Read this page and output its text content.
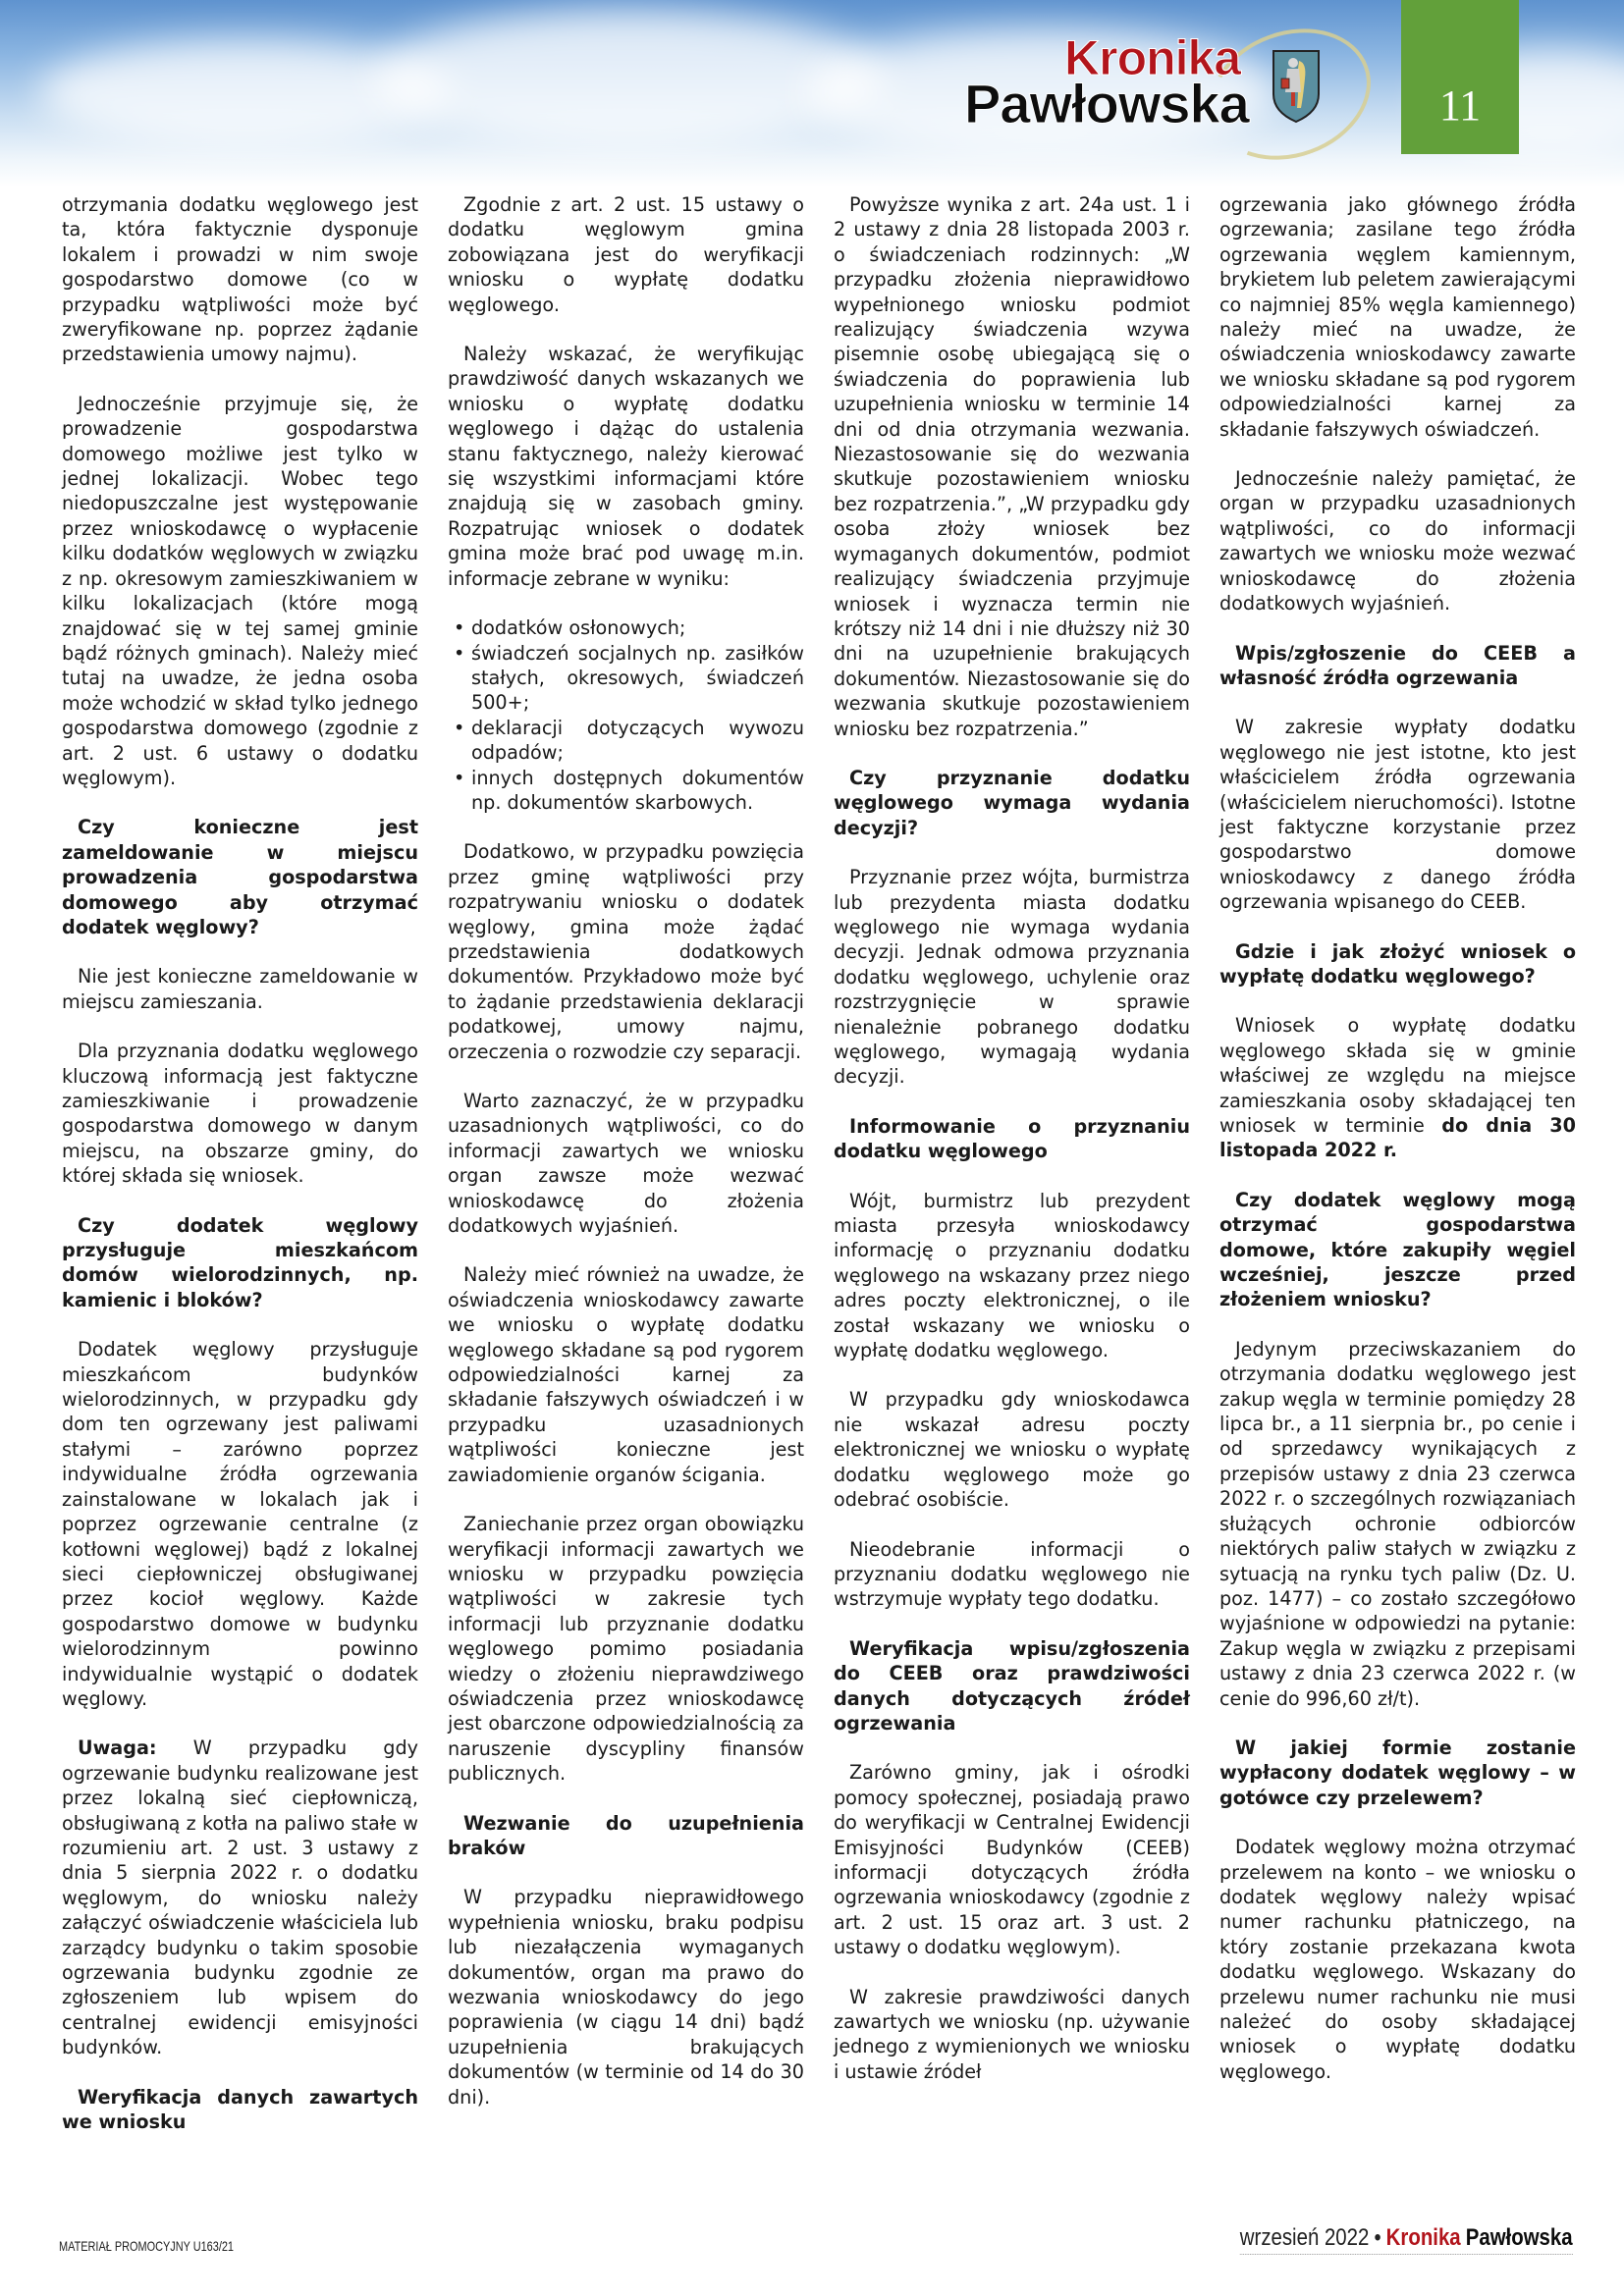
Kronika
Pawłowska	11

otrzymania dodatku węglowego jest ta, która faktycznie dysponuje lokalem i prowadzi w nim swoje gospodarstwo domowe (co w przypadku wątpliwości może być zweryfikowane np. poprzez żądanie przedstawienia umowy najmu).

Jednocześnie przyjmuje się, że prowadzenie gospodarstwa domowego możliwe jest tylko w jednej lokalizacji. Wobec tego niedopuszczalne jest występowanie przez wnioskodawcę o wypłacenie kilku dodatków węglowych w związku z np. okresowym zamieszkiwaniem w kilku lokalizacjach (które mogą znajdować się w tej samej gminie bądź różnych gminach). Należy mieć tutaj na uwadze, że jedna osoba może wchodzić w skład tylko jednego gospodarstwa domowego (zgodnie z art. 2 ust. 6 ustawy o dodatku węglowym).

Czy konieczne jest zameldowanie w miejscu prowadzenia gospodarstwa domowego aby otrzymać dodatek węglowy?

Nie jest konieczne zameldowanie w miejscu zamieszania.

Dla przyznania dodatku węglowego kluczową informacją jest faktyczne zamieszkiwanie i prowadzenie gospodarstwa domowego w danym miejscu, na obszarze gminy, do której składa się wniosek.

Czy dodatek węglowy przysługuje mieszkańcom domów wielorodzinnych, np. kamienic i bloków?

Dodatek węglowy przysługuje mieszkańcom budynków wielorodzinnych, w przypadku gdy dom ten ogrzewany jest paliwami stałymi – zarówno poprzez indywidualne źródła ogrzewania zainstalowane w lokalach jak i poprzez ogrzewanie centralne (z kotłowni węglowej) bądź z lokalnej sieci ciepłowniczej obsługiwanej przez kocioł węglowy. Każde gospodarstwo domowe w budynku wielorodzinnym powinno indywidualnie wystąpić o dodatek węglowy.

Uwaga: W przypadku gdy ogrzewanie budynku realizowane jest przez lokalną sieć ciepłowniczą, obsługiwaną z kotła na paliwo stałe w rozumieniu art. 2 ust. 3 ustawy z dnia 5 sierpnia 2022 r. o dodatku węglowym, do wniosku należy załączyć oświadczenie właściciela lub zarządcy budynku o takim sposobie ogrzewania budynku zgodnie ze zgłoszeniem lub wpisem do centralnej ewidencji emisyjności budynków.

Weryfikacja danych zawartych we wniosku

Zgodnie z art. 2 ust. 15 ustawy o dodatku węglowym gmina zobowiązana jest do weryfikacji wniosku o wypłatę dodatku węglowego.

Należy wskazać, że weryfikując prawdziwość danych wskazanych we wniosku o wypłatę dodatku węglowego i dążąc do ustalenia stanu faktycznego, należy kierować się wszystkimi informacjami które znajdują się w zasobach gminy. Rozpatrując wniosek o dodatek gmina może brać pod uwagę m.in. informacje zebrane w wyniku:

• dodatków osłonowych;
• świadczeń socjalnych np. zasiłków stałych, okresowych, świadczeń 500+;
• deklaracji dotyczących wywozu odpadów;
• innych dostępnych dokumentów np. dokumentów skarbowych.

Dodatkowo, w przypadku powzięcia przez gminę wątpliwości przy rozpatrywaniu wniosku o dodatek węglowy, gmina może żądać przedstawienia dodatkowych dokumentów. Przykładowo może być to żądanie przedstawienia deklaracji podatkowej, umowy najmu, orzeczenia o rozwodzie czy separacji.

Warto zaznaczyć, że w przypadku uzasadnionych wątpliwości, co do informacji zawartych we wniosku organ zawsze może wezwać wnioskodawcę do złożenia dodatkowych wyjaśnień.

Należy mieć również na uwadze, że oświadczenia wnioskodawcy zawarte we wniosku o wypłatę dodatku węglowego składane są pod rygorem odpowiedzialności karnej za składanie fałszywych oświadczeń i w przypadku uzasadnionych wątpliwości konieczne jest zawiadomienie organów ścigania.

Zaniechanie przez organ obowiązku weryfikacji informacji zawartych we wniosku w przypadku powzięcia wątpliwości w zakresie tych informacji lub przyznanie dodatku węglowego pomimo posiadania wiedzy o złożeniu nieprawdziwego oświadczenia przez wnioskodawcę jest obarczone odpowiedzialnością za naruszenie dyscypliny finansów publicznych.

Wezwanie do uzupełnienia braków

W przypadku nieprawidłowego wypełnienia wniosku, braku podpisu lub niezałączenia wymaganych dokumentów, organ ma prawo do wezwania wnioskodawcy do jego poprawienia (w ciągu 14 dni) bądź uzupełnienia brakujących dokumentów (w terminie od 14 do 30 dni).

Powyższe wynika z art. 24a ust. 1 i 2 ustawy z dnia 28 listopada 2003 r. o świadczeniach rodzinnych: „W przypadku złożenia nieprawidłowo wypełnionego wniosku podmiot realizujący świadczenia wzywa pisemnie osobę ubiegającą się o świadczenia do poprawienia lub uzupełnienia wniosku w terminie 14 dni od dnia otrzymania wezwania. Niezastosowanie się do wezwania skutkuje pozostawieniem wniosku bez rozpatrzenia.”, „W przypadku gdy osoba złoży wniosek bez wymaganych dokumentów, podmiot realizujący świadczenia przyjmuje wniosek i wyznacza termin nie krótszy niż 14 dni i nie dłuższy niż 30 dni na uzupełnienie brakujących dokumentów. Niezastosowanie się do wezwania skutkuje pozostawieniem wniosku bez rozpatrzenia.”

Czy przyznanie dodatku węglowego wymaga wydania decyzji?

Przyznanie przez wójta, burmistrza lub prezydenta miasta dodatku węglowego nie wymaga wydania decyzji. Jednak odmowa przyznania dodatku węglowego, uchylenie oraz rozstrzygnięcie w sprawie nienależnie pobranego dodatku węglowego, wymagają wydania decyzji.

Informowanie o przyznaniu dodatku węglowego

Wójt, burmistrz lub prezydent miasta przesyła wnioskodawcy informację o przyznaniu dodatku węglowego na wskazany przez niego adres poczty elektronicznej, o ile został wskazany we wniosku o wypłatę dodatku węglowego.

W przypadku gdy wnioskodawca nie wskazał adresu poczty elektronicznej we wniosku o wypłatę dodatku węglowego może go odebrać osobiście.

Nieodebranie informacji o przyznaniu dodatku węglowego nie wstrzymuje wypłaty tego dodatku.

Weryfikacja wpisu/zgłoszenia do CEEB oraz prawdziwości danych dotyczących źródeł ogrzewania

Zarówno gminy, jak i ośrodki pomocy społecznej, posiadają prawo do weryfikacji w Centralnej Ewidencji Emisyjności Budynków (CEEB) informacji dotyczących źródła ogrzewania wnioskodawcy (zgodnie z art. 2 ust. 15 oraz art. 3 ust. 2 ustawy o dodatku węglowym).

W zakresie prawdziwości danych zawartych we wniosku (np. używanie jednego z wymienionych we wniosku i ustawie źródeł

ogrzewania jako głównego źródła ogrzewania; zasilane tego źródła ogrzewania węglem kamiennym, brykietem lub peletem zawierającymi co najmniej 85% węgla kamiennego) należy mieć na uwadze, że oświadczenia wnioskodawcy zawarte we wniosku składane są pod rygorem odpowiedzialności karnej za składanie fałszywych oświadczeń.

Jednocześnie należy pamiętać, że organ w przypadku uzasadnionych wątpliwości, co do informacji zawartych we wniosku może wezwać wnioskodawcę do złożenia dodatkowych wyjaśnień.

Wpis/zgłoszenie do CEEB a własność źródła ogrzewania

W zakresie wypłaty dodatku węglowego nie jest istotne, kto jest właścicielem źródła ogrzewania (właścicielem nieruchomości). Istotne jest faktyczne korzystanie przez gospodarstwo domowe wnioskodawcy z danego źródła ogrzewania wpisanego do CEEB.

Gdzie i jak złożyć wniosek o wypłatę dodatku węglowego?

Wniosek o wypłatę dodatku węglowego składa się w gminie właściwej ze względu na miejsce zamieszkania osoby składającej ten wniosek w terminie do dnia 30 listopada 2022 r.

Czy dodatek węglowy mogą otrzymać gospodarstwa domowe, które zakupiły węgiel wcześniej, jeszcze przed złożeniem wniosku?

Jedynym przeciwskazaniem do otrzymania dodatku węglowego jest zakup węgla w terminie pomiędzy 28 lipca br., a 11 sierpnia br., po cenie i od sprzedawcy wynikających z przepisów ustawy z dnia 23 czerwca 2022 r. o szczególnych rozwiązaniach służących ochronie odbiorców niektórych paliw stałych w związku z sytuacją na rynku tych paliw (Dz. U. poz. 1477) – co zostało szczegółowo wyjaśnione w odpowiedzi na pytanie: Zakup węgla w związku z przepisami ustawy z dnia 23 czerwca 2022 r. (w cenie do 996,60 zł/t).

W jakiej formie zostanie wypłacony dodatek węglowy – w gotówce czy przelewem?

Dodatek węglowy można otrzymać przelewem na konto – we wniosku o dodatek węglowy należy wpisać numer rachunku płatniczego, na który zostanie przekazana kwota dodatku węglowego. Wskazany do przelewu numer rachunku nie musi należeć do osoby składającej wniosek o wypłatę dodatku węglowego.

MATERIAŁ PROMOCYJNY U163/21	wrzesień 2022 • Kronika Pawłowska
